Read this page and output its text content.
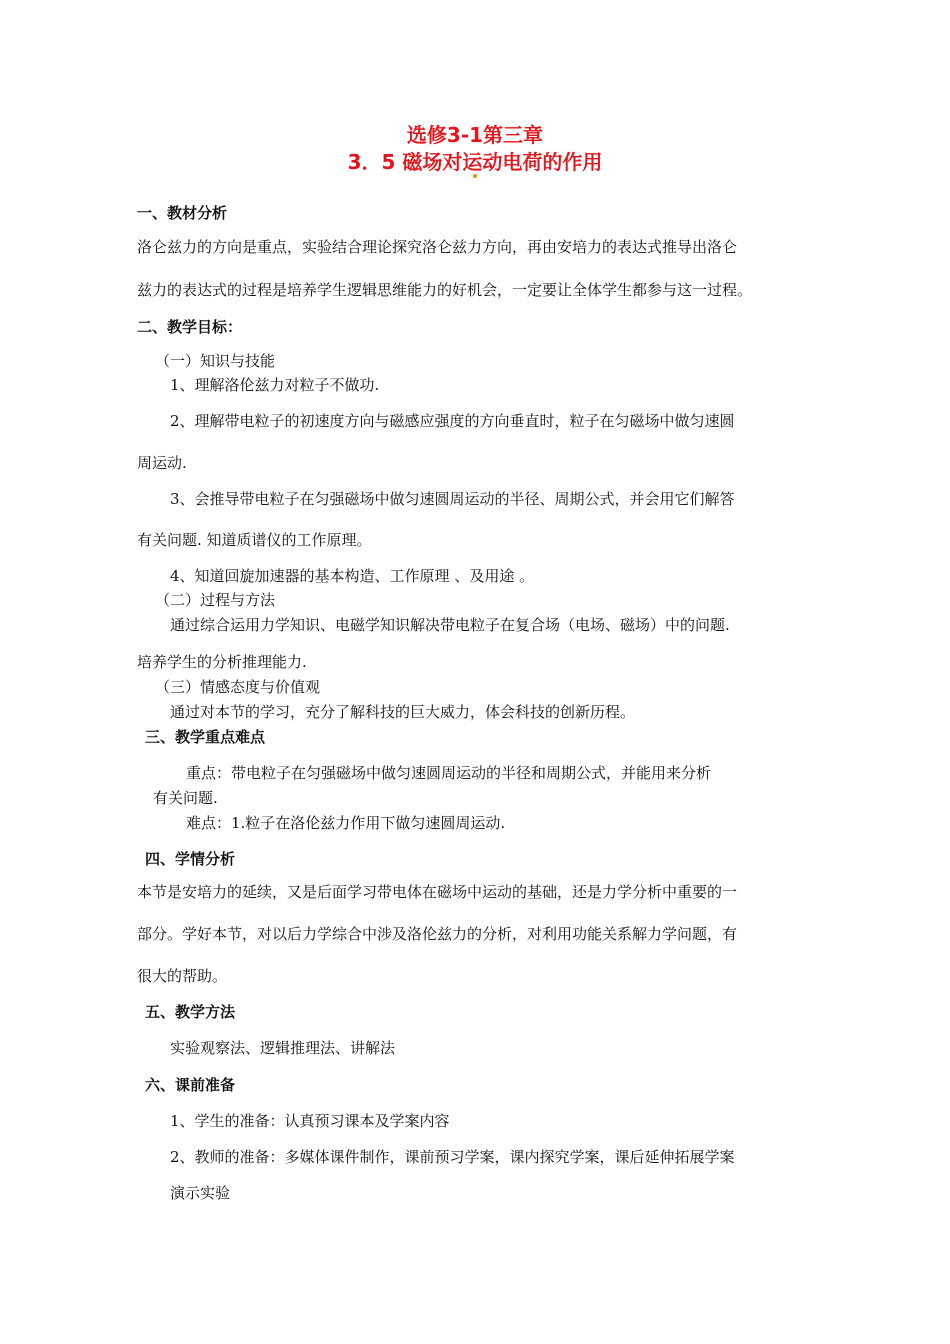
选修3-1第三章
3．5 磁场对运动电荷的作用
一、教材分析
洛仑兹力的方向是重点，实验结合理论探究洛仑兹力方向，再由安培力的表达式推导出洛仑
兹力的表达式的过程是培养学生逻辑思维能力的好机会，一定要让全体学生都参与这一过程。
二、教学目标：
（一）知识与技能
1、理解洛伦兹力对粒子不做功.
2、理解带电粒子的初速度方向与磁感应强度的方向垂直时，粒子在匀磁场中做匀速圆
周运动.
3、会推导带电粒子在匀强磁场中做匀速圆周运动的半径、周期公式，并会用它们解答
有关问题. 知道质谱仪的工作原理。
4、知道回旋加速器的基本构造、工作原理 、及用途 。
（二）过程与方法
通过综合运用力学知识、电磁学知识解决带电粒子在复合场（电场、磁场）中的问题.
培养学生的分析推理能力.
（三）情感态度与价值观
通过对本节的学习，充分了解科技的巨大威力，体会科技的创新历程。
三、教学重点难点
重点：带电粒子在匀强磁场中做匀速圆周运动的半径和周期公式，并能用来分析
有关问题.
难点：1.粒子在洛伦兹力作用下做匀速圆周运动.
四、学情分析
本节是安培力的延续，又是后面学习带电体在磁场中运动的基础，还是力学分析中重要的一
部分。学好本节，对以后力学综合中涉及洛伦兹力的分析，对利用功能关系解力学问题，有
很大的帮助。
五、教学方法
实验观察法、逻辑推理法、讲解法
六、课前准备
1、学生的准备：认真预习课本及学案内容
2、教师的准备：多媒体课件制作，课前预习学案，课内探究学案，课后延伸拓展学案
演示实验
